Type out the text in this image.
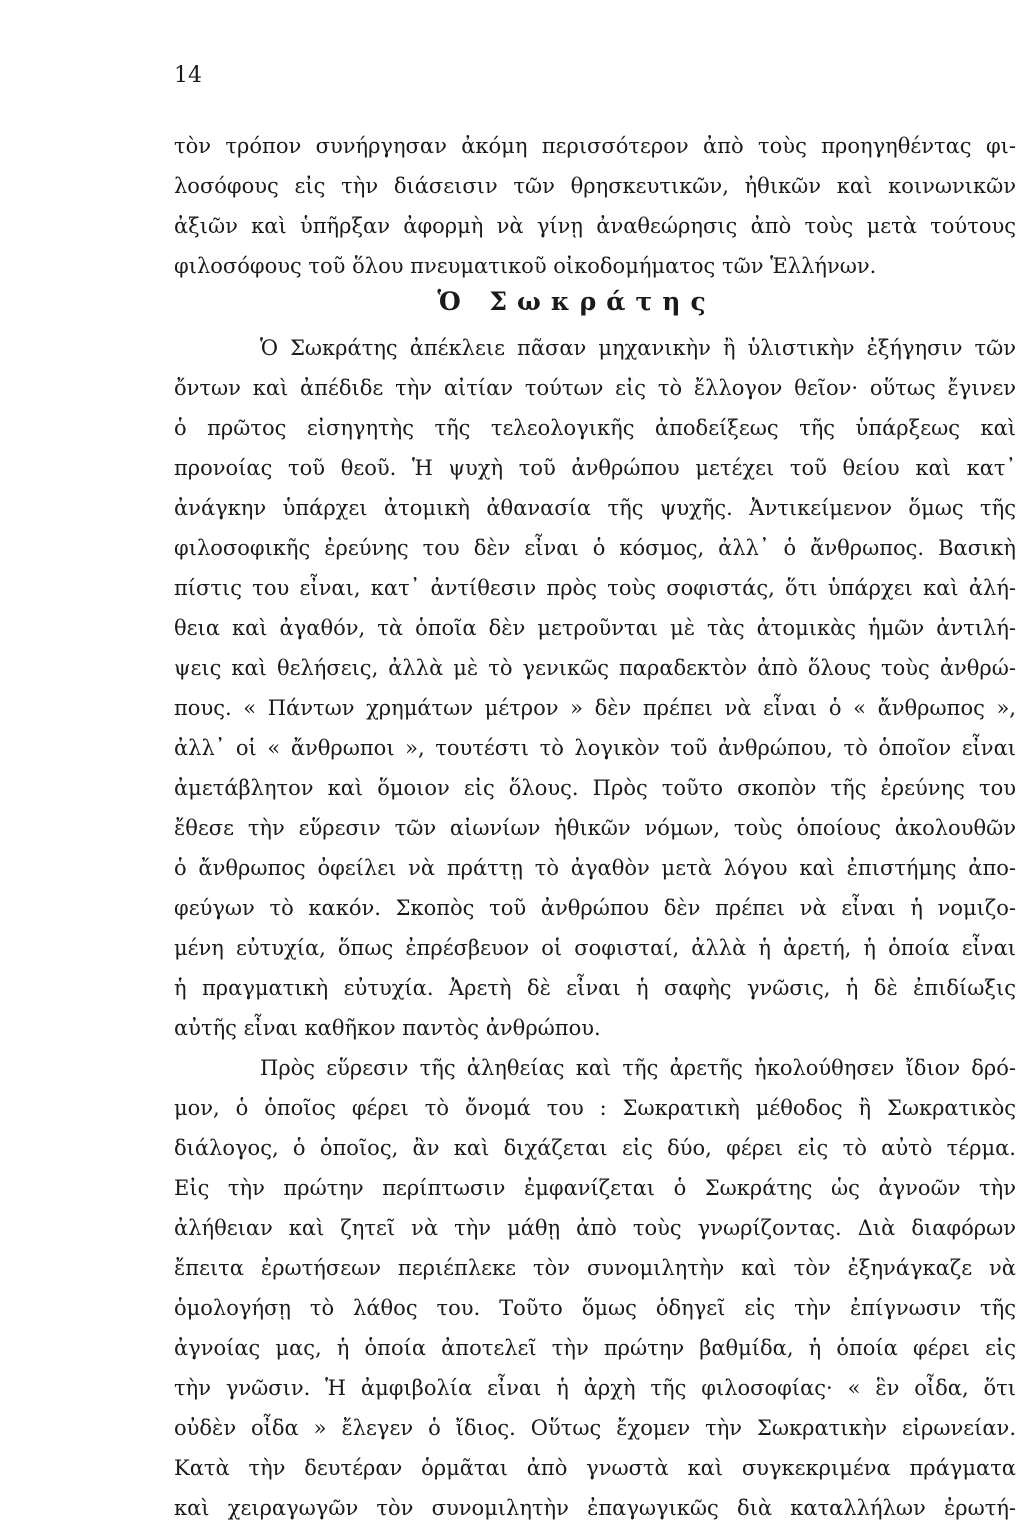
14
τὸν τρόπον συνήργησαν ἀκόμη περισσότερον ἀπὸ τοὺς προηγηθέντας φι-
λοσόφους εἰς τὴν διάσεισιν τῶν θρησκευτικῶν, ἠθικῶν καὶ κοινωνικῶν
ἀξιῶν καὶ ὑπῆρξαν ἀφορμὴ νὰ γίνῃ ἀναθεώρησις ἀπὸ τοὺς μετὰ τούτους
φιλοσόφους τοῦ ὅλου πνευματικοῦ οἰκοδομήματος τῶν Ἑλλήνων.
Ὁ Σωκράτης
Ὁ Σωκράτης ἀπέκλειε πᾶσαν μηχανικὴν ἢ ὑλιστικὴν ἐξήγησιν τῶν
ὄντων καὶ ἀπέδιδε τὴν αἰτίαν τούτων εἰς τὸ ἔλλογον θεῖον· οὕτως ἔγινεν
ὁ πρῶτος εἰσηγητὴς τῆς τελεολογικῆς ἀποδείξεως τῆς ὑπάρξεως καὶ
προνοίας τοῦ θεοῦ. Ἡ ψυχὴ τοῦ ἀνθρώπου μετέχει τοῦ θείου καὶ κατ᾽
ἀνάγκην ὑπάρχει ἀτομικὴ ἀθανασία τῆς ψυχῆς. Ἀντικείμενον ὅμως τῆς
φιλοσοφικῆς ἐρεύνης του δὲν εἶναι ὁ κόσμος, ἀλλ᾽ ὁ ἄνθρωπος. Βασικὴ
πίστις του εἶναι, κατ᾽ ἀντίθεσιν πρὸς τοὺς σοφιστάς, ὅτι ὑπάρχει καὶ ἀλή-
θεια καὶ ἀγαθόν, τὰ ὁποῖα δὲν μετροῦνται μὲ τὰς ἀτομικὰς ἡμῶν ἀντιλή-
ψεις καὶ θελήσεις, ἀλλὰ μὲ τὸ γενικῶς παραδεκτὸν ἀπὸ ὅλους τοὺς ἀνθρώ-
πους. « Πάντων χρημάτων μέτρον » δὲν πρέπει νὰ εἶναι ὁ « ἄνθρωπος »,
ἀλλ᾽ οἱ « ἄνθρωποι », τουτέστι τὸ λογικὸν τοῦ ἀνθρώπου, τὸ ὁποῖον εἶναι
ἀμετάβλητον καὶ ὅμοιον εἰς ὅλους. Πρὸς τοῦτο σκοπὸν τῆς ἐρεύνης του
ἔθεσε τὴν εὕρεσιν τῶν αἰωνίων ἠθικῶν νόμων, τοὺς ὁποίους ἀκολουθῶν
ὁ ἄνθρωπος ὀφείλει νὰ πράττῃ τὸ ἀγαθὸν μετὰ λόγου καὶ ἐπιστήμης ἀπο-
φεύγων τὸ κακόν. Σκοπὸς τοῦ ἀνθρώπου δὲν πρέπει νὰ εἶναι ἡ νομιζο-
μένη εὐτυχία, ὅπως ἐπρέσβευον οἱ σοφισταί, ἀλλὰ ἡ ἀρετή, ἡ ὁποία εἶναι
ἡ πραγματικὴ εὐτυχία. Ἀρετὴ δὲ εἶναι ἡ σαφὴς γνῶσις, ἡ δὲ ἐπιδίωξις
αὐτῆς εἶναι καθῆκον παντὸς ἀνθρώπου.
Πρὸς εὕρεσιν τῆς ἀληθείας καὶ τῆς ἀρετῆς ἠκολούθησεν ἴδιον δρό-
μον, ὁ ὁποῖος φέρει τὸ ὄνομά του : Σωκρατικὴ μέθοδος ἢ Σωκρατικὸς
διάλογος, ὁ ὁποῖος, ἂν καὶ διχάζεται εἰς δύο, φέρει εἰς τὸ αὐτὸ τέρμα.
Εἰς τὴν πρώτην περίπτωσιν ἐμφανίζεται ὁ Σωκράτης ὡς ἀγνοῶν τὴν
ἀλήθειαν καὶ ζητεῖ νὰ τὴν μάθῃ ἀπὸ τοὺς γνωρίζοντας. Διὰ διαφόρων
ἔπειτα ἐρωτήσεων περιέπλεκε τὸν συνομιλητὴν καὶ τὸν ἐξηνάγκαζε νὰ
ὁμολογήσῃ τὸ λάθος του. Τοῦτο ὅμως ὁδηγεῖ εἰς τὴν ἐπίγνωσιν τῆς
ἀγνοίας μας, ἡ ὁποία ἀποτελεῖ τὴν πρώτην βαθμίδα, ἡ ὁποία φέρει εἰς
τὴν γνῶσιν. Ἡ ἀμφιβολία εἶναι ἡ ἀρχὴ τῆς φιλοσοφίας· « ἓν οἶδα, ὅτι
οὐδὲν οἶδα » ἔλεγεν ὁ ἴδιος. Οὕτως ἔχομεν τὴν Σωκρατικὴν εἰρωνείαν.
Κατὰ τὴν δευτέραν ὁρμᾶται ἀπὸ γνωστὰ καὶ συγκεκριμένα πράγματα
καὶ χειραγωγῶν τὸν συνομιλητὴν ἐπαγωγικῶς διὰ καταλλήλων ἐρωτή-
